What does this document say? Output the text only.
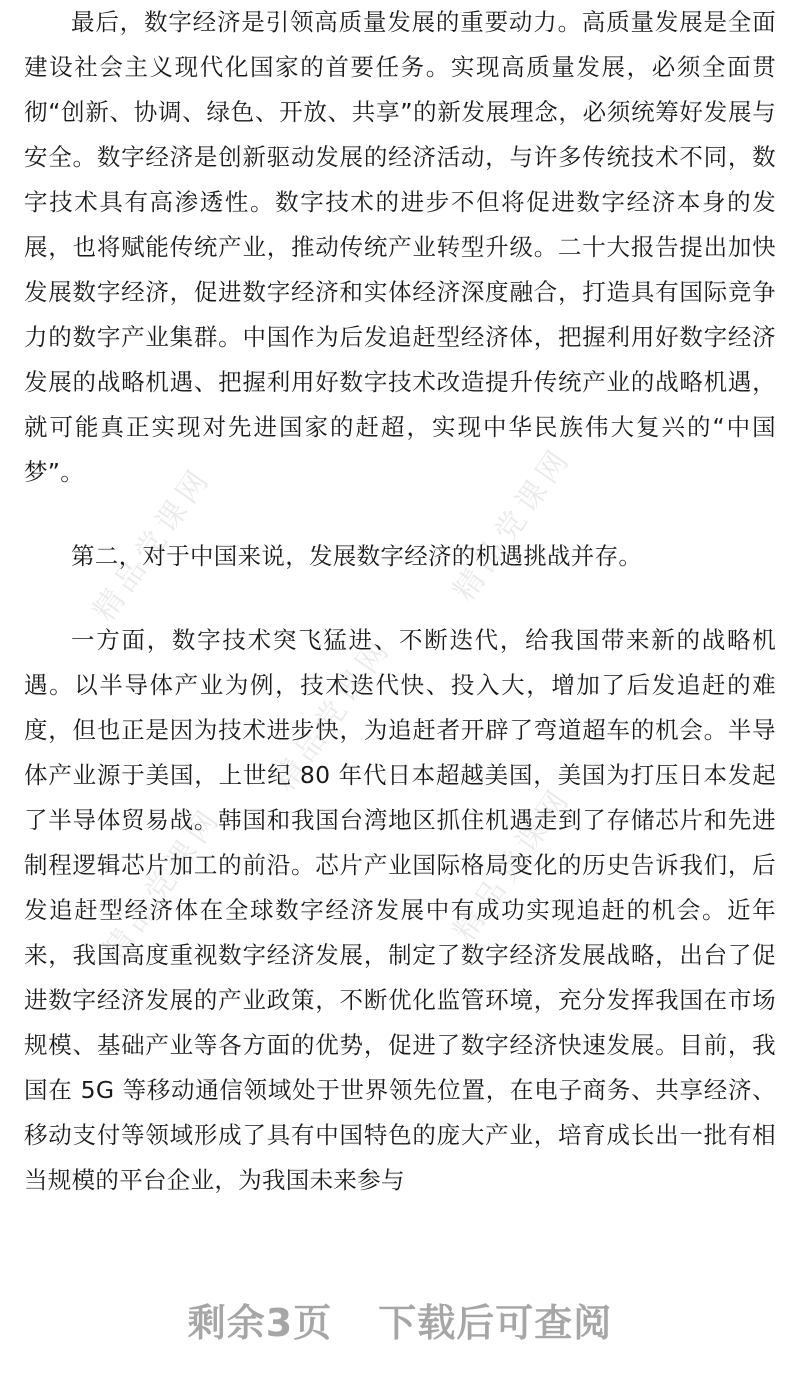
精品党课网	精品党课网
精品党课网
精品党课网	精品党课网

最后，数字经济是引领高质量发展的重要动力。高质量发展是全面建设社会主义现代化国家的首要任务。实现高质量发展，必须全面贯彻“创新、协调、绿色、开放、共享”的新发展理念，必须统筹好发展与安全。数字经济是创新驱动发展的经济活动，与许多传统技术不同，数字技术具有高渗透性。数字技术的进步不但将促进数字经济本身的发展，也将赋能传统产业，推动传统产业转型升级。二十大报告提出加快发展数字经济，促进数字经济和实体经济深度融合，打造具有国际竞争力的数字产业集群。中国作为后发追赶型经济体，把握利用好数字经济发展的战略机遇、把握利用好数字技术改造提升传统产业的战略机遇，就可能真正实现对先进国家的赶超，实现中华民族伟大复兴的“中国梦”。

第二，对于中国来说，发展数字经济的机遇挑战并存。

一方面，数字技术突飞猛进、不断迭代，给我国带来新的战略机遇。以半导体产业为例，技术迭代快、投入大，增加了后发追赶的难度，但也正是因为技术进步快，为追赶者开辟了弯道超车的机会。半导体产业源于美国，上世纪 80 年代日本超越美国，美国为打压日本发起了半导体贸易战。韩国和我国台湾地区抓住机遇走到了存储芯片和先进制程逻辑芯片加工的前沿。芯片产业国际格局变化的历史告诉我们，后发追赶型经济体在全球数字经济发展中有成功实现追赶的机会。近年来，我国高度重视数字经济发展，制定了数字经济发展战略，出台了促进数字经济发展的产业政策，不断优化监管环境，充分发挥我国在市场规模、基础产业等各方面的优势，促进了数字经济快速发展。目前，我国在 5G 等移动通信领域处于世界领先位置，在电子商务、共享经济、移动支付等领域形成了具有中国特色的庞大产业，培育成长出一批有相当规模的平台企业，为我国未来参与

剩余3页 下载后可查阅
